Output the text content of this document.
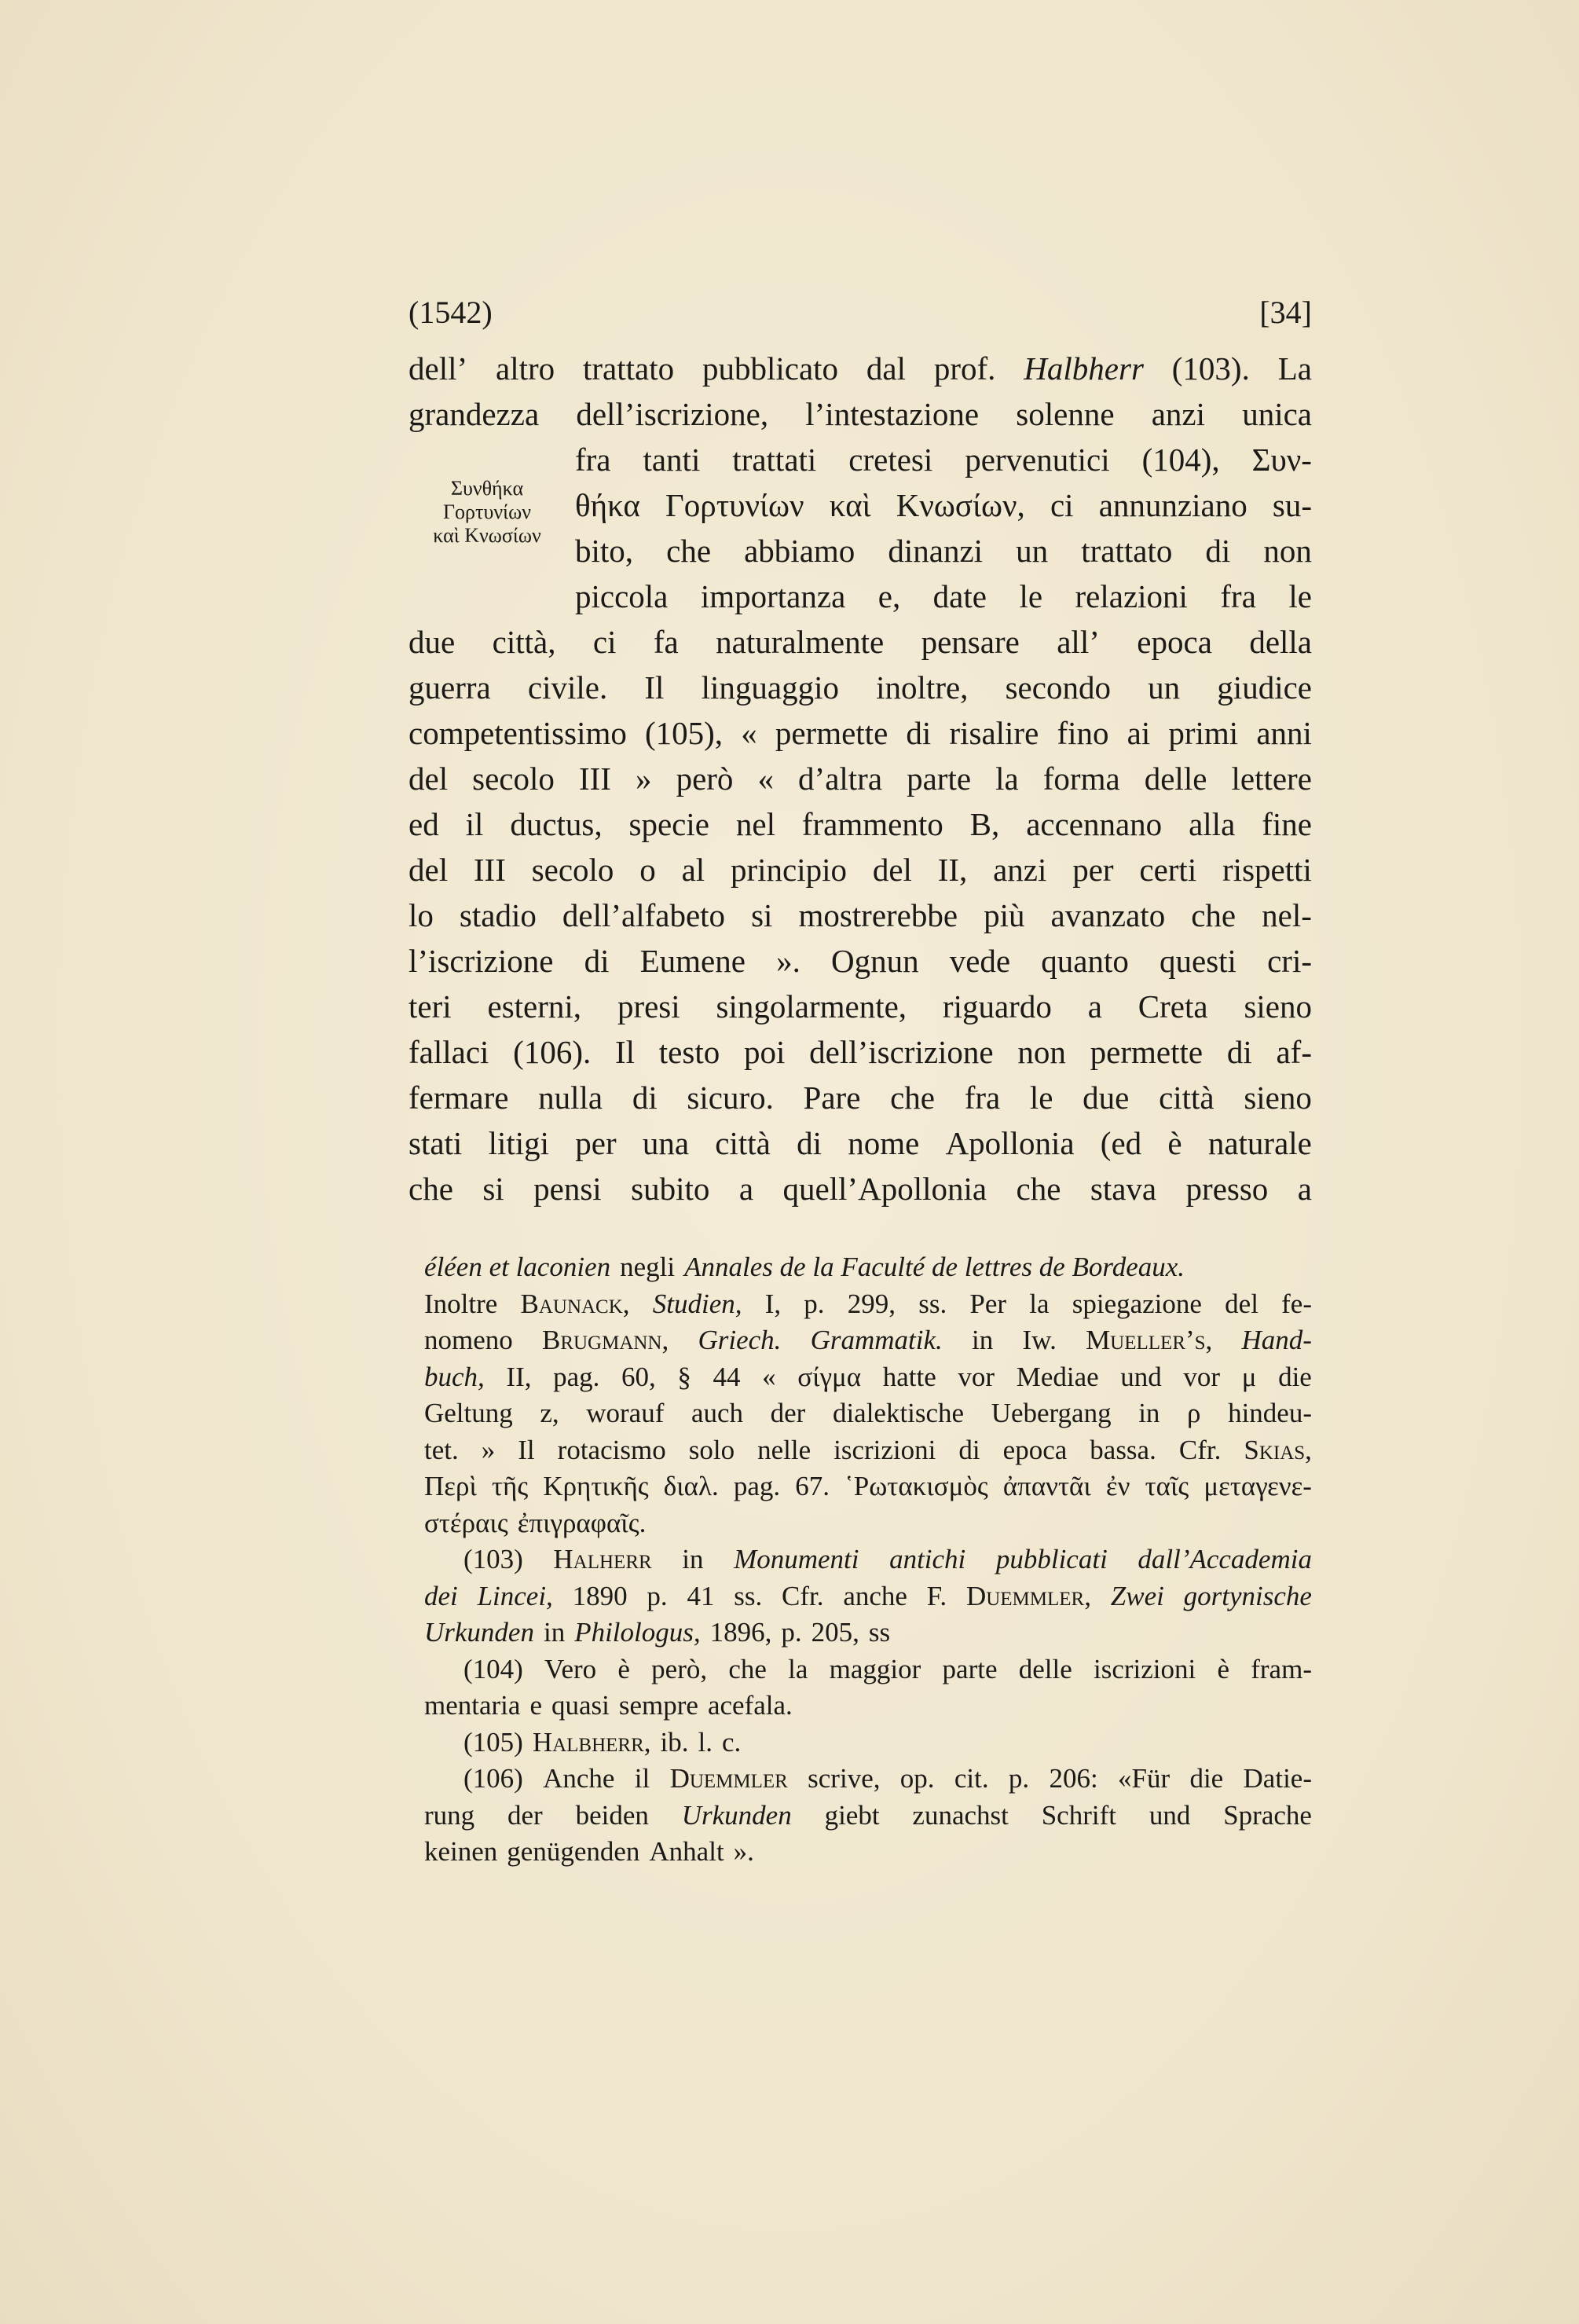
(1542)	[34]
Συνθήκα
Γορτυνίων
καὶ Κνωσίων
dell’ altro trattato pubblicato dal prof. Halbherr (103). La
grandezza dell’iscrizione, l’intestazione solenne anzi unica
fra tanti trattati cretesi pervenutici (104), Συν-
θήκα Γορτυνίων καὶ Κνωσίων, ci annunziano su-
bito, che abbiamo dinanzi un trattato di non
piccola importanza e, date le relazioni fra le
due città, ci fa naturalmente pensare all’ epoca della
guerra civile. Il linguaggio inoltre, secondo un giudice
competentissimo (105), « permette di risalire fino ai primi anni
del secolo III » però « d’altra parte la forma delle lettere
ed il ductus, specie nel frammento B, accennano alla fine
del III secolo o al principio del II, anzi per certi rispetti
lo stadio dell’alfabeto si mostrerebbe più avanzato che nel-
l’iscrizione di Eumene ». Ognun vede quanto questi cri-
teri esterni, presi singolarmente, riguardo a Creta sieno
fallaci (106). Il testo poi dell’iscrizione non permette di af-
fermare nulla di sicuro. Pare che fra le due città sieno
stati litigi per una città di nome Apollonia (ed è naturale
che si pensi subito a quell’Apollonia che stava presso a
éléen et laconien negli Annales de la Faculté de lettres de Bordeaux.
Inoltre Baunack, Studien, I, p. 299, ss. Per la spiegazione del fe-
nomeno Brugmann, Griech. Grammatik. in Iw. Mueller’s, Hand-
buch, II, pag. 60, § 44 « σίγμα hatte vor Mediae und vor μ die
Geltung z, worauf auch der dialektische Uebergang in ρ hindeu-
tet. » Il rotacismo solo nelle iscrizioni di epoca bassa. Cfr. Skias,
Περὶ τῆς Κρητικῆς διαλ. pag. 67. ῾Ρωτακισμὸς ἀπαντᾶι ἐν ταῖς μεταγενε-
στέραις ἐπιγραφαῖς.
(103) Halherr in Monumenti antichi pubblicati dall’Accademia
dei Lincei, 1890 p. 41 ss. Cfr. anche F. Duemmler, Zwei gortynische
Urkunden in Philologus, 1896, p. 205, ss
(104) Vero è però, che la maggior parte delle iscrizioni è fram-
mentaria e quasi sempre acefala.
(105) Halbherr, ib. l. c.
(106) Anche il Duemmler scrive, op. cit. p. 206: «Für die Datie-
rung der beiden Urkunden giebt zunachst Schrift und Sprache
keinen genügenden Anhalt ».
